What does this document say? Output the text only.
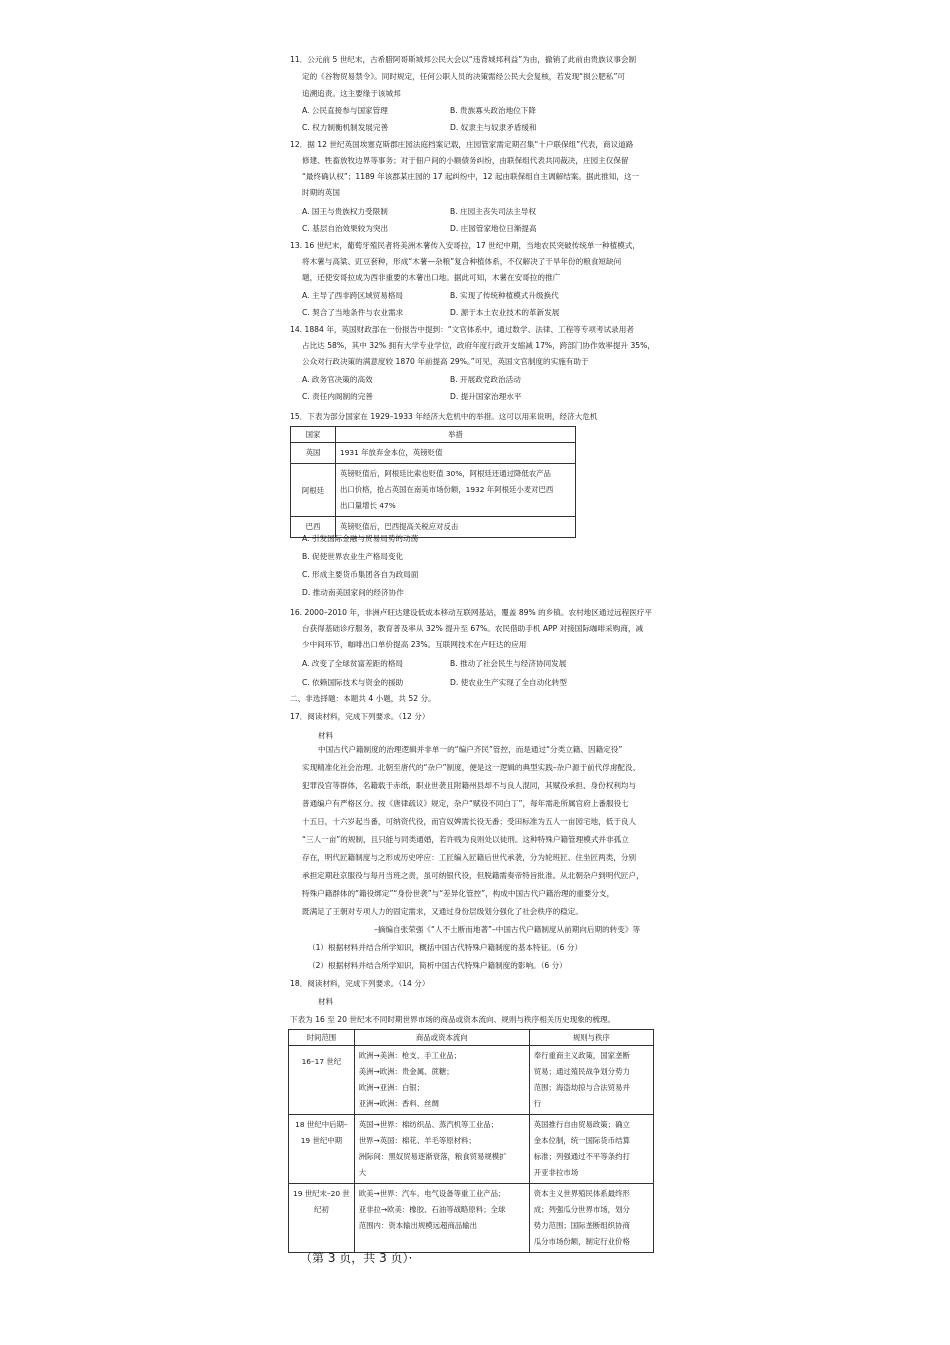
11．公元前 5 世纪末，古希腊阿哥斯城邦公民大会以“违背城邦利益”为由，撤销了此前由贵族议事会制
定的《谷物贸易禁令》。同时规定，任何公职人员的决策需经公民大会复核，若发现“损公肥私”可
追溯追责。这主要缘于该城邦
A. 公民直接参与国家管理	B. 贵族寡头政治地位下降
C. 权力制衡机制发展完善	D. 奴隶主与奴隶矛盾缓和
12．据 12 世纪英国埃塞克斯郡庄园法庭档案记载，庄园管家需定期召集“十户联保组”代表，商议道路
修建、牲畜放牧边界等事务；对于佃户间的小额债务纠纷，由联保组代表共同裁决，庄园主仅保留
“最终确认权”；1189 年该郡某庄园的 17 起纠纷中，12 起由联保组自主调解结案。据此推知，这一
时期的英国
A. 国王与贵族权力受限制	B. 庄园主丧失司法主导权
C. 基层自治效果较为突出	D. 庄园管家地位日渐提高
13. 16 世纪末，葡萄牙殖民者将美洲木薯传入安哥拉，17 世纪中期，当地农民突破传统单一种植模式，
将木薯与高粱、豇豆套种，形成“木薯—杂粮”复合种植体系，不仅解决了干旱年份的粮食短缺问
题，还使安哥拉成为西非重要的木薯出口地。据此可知，木薯在安哥拉的推广
A. 主导了西非跨区域贸易格局	B. 实现了传统种植模式升级换代
C. 契合了当地条件与农业需求	D. 源于本土农业技术的革新发展
14. 1884 年，英国财政部在一份报告中提到：“文官体系中，通过数学、法律、工程等专项考试录用者
占比达 58%，其中 32% 拥有大学专业学位，政府年度行政开支缩减 17%，跨部门协作效率提升 35%，
公众对行政决策的满意度较 1870 年前提高 29%。”可见，英国文官制度的实施有助于
A. 政务官决策的高效	B. 开展政党政治活动
C. 责任内阁制的完善	D. 提升国家治理水平
15．下表为部分国家在 1929–1933 年经济大危机中的举措。这可以用来说明，经济大危机
国家	举措
英国	1931 年放弃金本位，英镑贬值

阿根廷	英镑贬值后，阿根廷比索也贬值 30%，阿根廷还通过降低农产品
出口价格，抢占英国在南美市场份额，1932 年阿根廷小麦对巴西
出口量增长 47%

巴西	英镑贬值后，巴西提高关税应对反击
A. 引发国际金融与贸易局势的动荡
B. 促使世界农业生产格局变化
C. 形成主要货币集团各自为政局面
D. 推动南美国家间的经济协作
16. 2000–2010 年，非洲卢旺达建设低成本移动互联网基站，覆盖 89% 的乡镇。农村地区通过远程医疗平
台获得基础诊疗服务，教育普及率从 32% 提升至 67%。农民借助手机 APP 对接国际咖啡采购商，减
少中间环节，咖啡出口单价提高 23%。互联网技术在卢旺达的应用
A. 改变了全球贫富差距的格局	B. 推动了社会民生与经济协同发展
C. 依赖国际技术与资金的援助	D. 使农业生产实现了全自动化转型
二、非选择题：本题共 4 小题，共 52 分。
17．阅读材料，完成下列要求。（12 分）
材料
中国古代户籍制度的治理逻辑并非单一的“编户齐民”管控，而是通过“分类立籍、因籍定役”
实现精准化社会治理。北朝至唐代的“杂户”制度，便是这一逻辑的典型实践–杂户源于前代俘虏配没、
犯罪没官等群体，名籍载于赤纸，职业世袭且附籍州县却不与良人混同，其赋役承担、身份权利均与
普通编户有严格区分。按《唐律疏议》规定，杂户“赋役不同白丁”，每年需赴所属官府上番服役七
十五日，十六岁起当番，可纳资代役，而官奴婢需长役无番；受田标准为五人一亩园宅地，低于良人
“三人一亩”的规制，且只能与同类通婚，若许贱为良则处以徒刑。这种特殊户籍管理模式并非孤立
存在，明代匠籍制度与之形成历史呼应：工匠编入匠籍后世代承袭，分为轮班匠、住坐匠两类，分别
承担定期赴京服役与每月当班之责，虽可纳银代役，但脱籍需奏帝特旨批准。从北朝杂户到明代匠户，
特殊户籍群体的“籍役绑定”“身份世袭”与“差异化管控”，构成中国古代户籍治理的重要分支，
既满足了王朝对专项人力的固定需求，又通过身份层级划分强化了社会秩序的稳定。
–摘编自张荣强《“人不土断而地著”–中国古代户籍制度从前期向后期的转变》等
（1）根据材料并结合所学知识，概括中国古代特殊户籍制度的基本特征。（6 分）
（2）根据材料并结合所学知识，简析中国古代特殊户籍制度的影响。（6 分）
18．阅读材料，完成下列要求。（14 分）
材料
下表为 16 至 20 世纪末不同时期世界市场的商品或资本流向、规则与秩序相关历史现象的梳理。
时间范围	商品或资本流向	规则与秩序

16–17 世纪	欧洲→美洲：枪支、手工业品；
美洲→欧洲：贵金属、蔗糖；
欧洲→亚洲：白银；
亚洲→欧洲：香料、丝绸	奉行重商主义政策，国家垄断
贸易；通过殖民战争划分势力
范围；海盗劫掠与合法贸易并
行

18 世纪中后期–
19 世纪中期	英国→世界：棉纺织品、蒸汽机等工业品；
世界→英国：棉花、羊毛等原材料；
洲际间：黑奴贸易逐渐衰落，粮食贸易规模扩
大	英国推行自由贸易政策；确立
金本位制，统一国际货币结算
标准；列强通过不平等条约打
开亚非拉市场

19 世纪末–20 世
纪初	欧美→世界：汽车、电气设备等重工业产品；
亚非拉→欧美：橡胶、石油等战略原料；全球
范围内：资本输出规模远超商品输出	资本主义世界殖民体系最终形
成；列强瓜分世界市场，划分
势力范围；国际垄断组织协商
瓜分市场份额，制定行业价格
（第 3 页，共 3 页）·
